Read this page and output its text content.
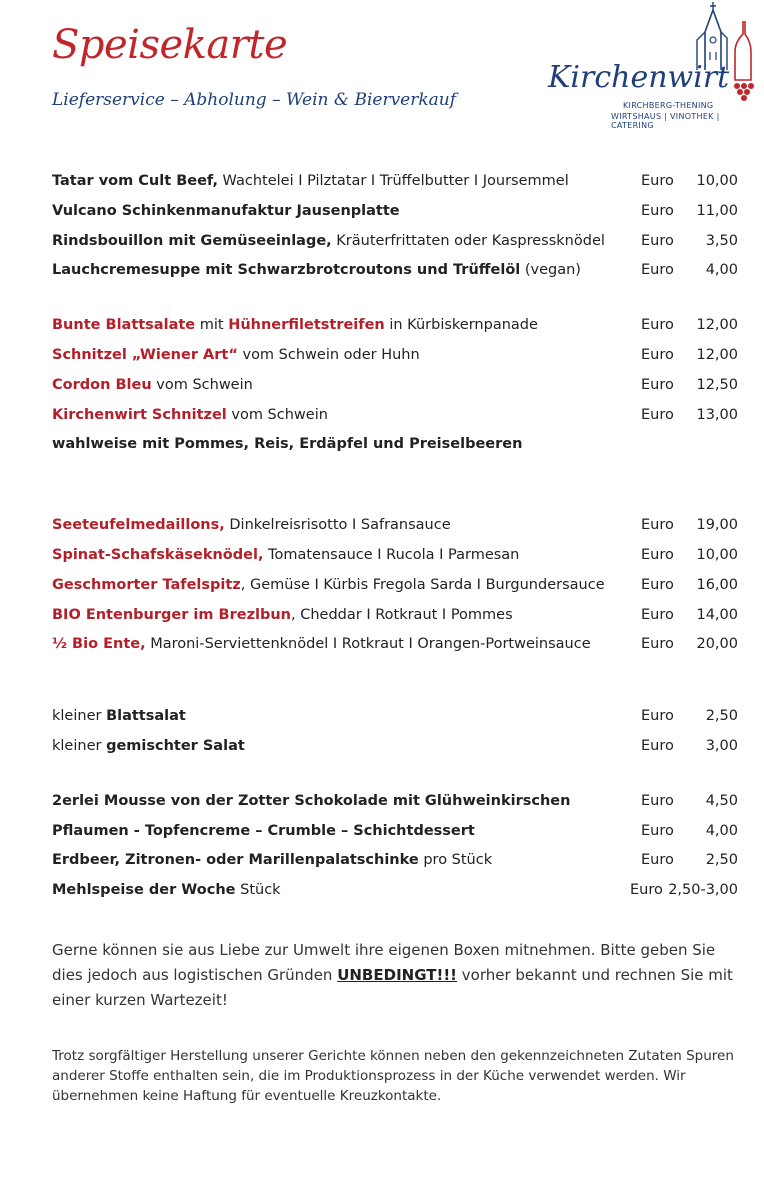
Speisekarte
Lieferservice – Abholung – Wein & Bierverkauf
Kirchenwirt
KIRCHBERG-THENING
WIRTSHAUS | VINOTHEK | CATERING
Tatar vom Cult Beef, Wachtelei I Pilztatar I Trüffelbutter I Joursemmel	Euro 10,00
Vulcano Schinkenmanufaktur Jausenplatte	Euro 11,00
Rindsbouillon mit Gemüseeinlage, Kräuterfrittaten oder Kaspressknödel Euro 3,50
Lauchcremesuppe mit Schwarzbrotcroutons und Trüffelöl (vegan)	Euro 4,00
Bunte Blattsalate mit Hühnerfiletstreifen in Kürbiskernpanade	Euro 12,00
Schnitzel „Wiener Art“ vom Schwein oder Huhn	Euro 12,00
Cordon Bleu vom Schwein	Euro 12,50
Kirchenwirt Schnitzel vom Schwein	Euro 13,00
wahlweise mit Pommes, Reis, Erdäpfel und Preiselbeeren
Seeteufelmedaillons, Dinkelreisrisotto I Safransauce	Euro 19,00
Spinat-Schafskäseknödel, Tomatensauce I Rucola I Parmesan	Euro 10,00
Geschmorter Tafelspitz, Gemüse I Kürbis Fregola Sarda I Burgundersauce	Euro 16,00
BIO Entenburger im Brezlbun, Cheddar I Rotkraut I Pommes	Euro 14,00
½ Bio Ente, Maroni-Serviettenknödel I Rotkraut I Orangen-Portweinsauce	Euro 20,00
kleiner Blattsalat	Euro 2,50
kleiner gemischter Salat	Euro 3,00
2erlei Mousse von der Zotter Schokolade mit Glühweinkirschen	Euro 4,50
Pflaumen - Topfencreme – Crumble – Schichtdessert	Euro 4,00
Erdbeer, Zitronen- oder Marillenpalatschinke pro Stück	Euro 2,50
Mehlspeise der Woche Stück	Euro 2,50-3,00
Gerne können sie aus Liebe zur Umwelt ihre eigenen Boxen mitnehmen. Bitte geben Sie dies jedoch aus logistischen Gründen UNBEDINGT!!! vorher bekannt und rechnen Sie mit einer kurzen Wartezeit!
Trotz sorgfältiger Herstellung unserer Gerichte können neben den gekennzeichneten Zutaten Spuren anderer Stoffe enthalten sein, die im Produktionsprozess in der Küche verwendet werden. Wir übernehmen keine Haftung für eventuelle Kreuzkontakte.
